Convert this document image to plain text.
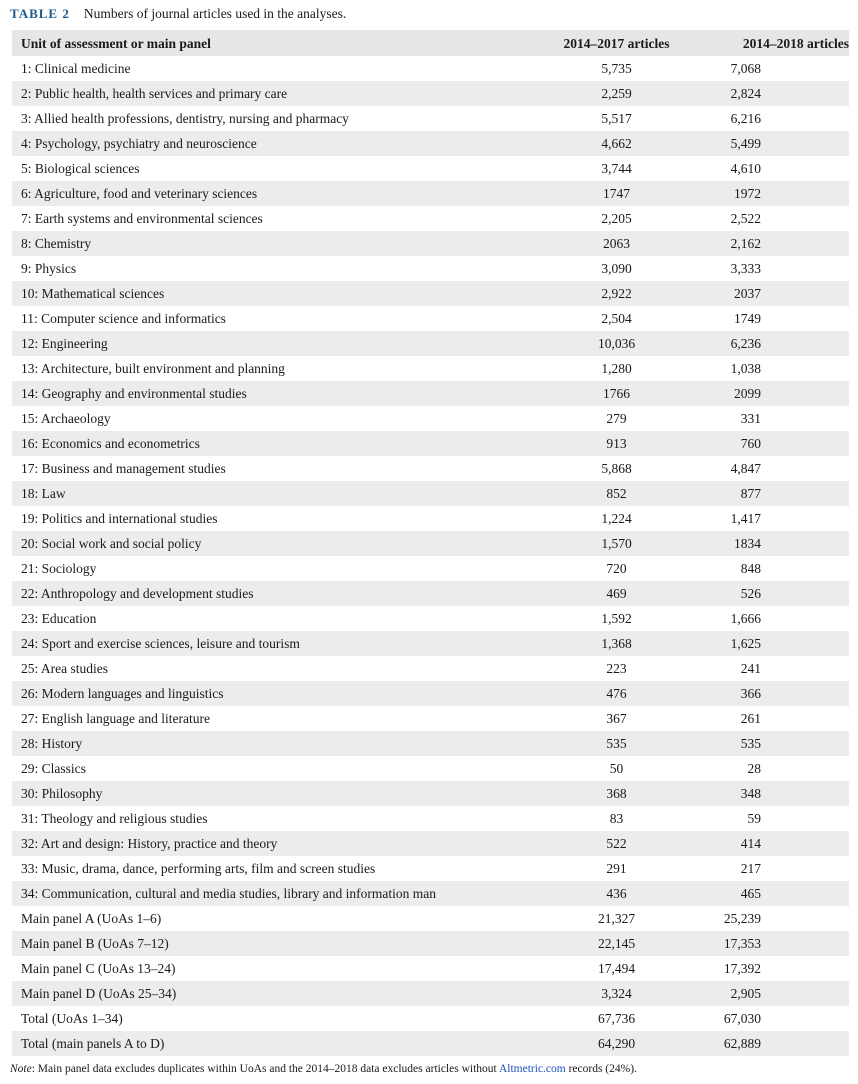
TABLE 2 Numbers of journal articles used in the analyses.
Unit of assessment or main panel	2014–2017 articles	2014–2018 articles
1: Clinical medicine	5,735	7,068
2: Public health, health services and primary care	2,259	2,824
3: Allied health professions, dentistry, nursing and pharmacy	5,517	6,216
4: Psychology, psychiatry and neuroscience	4,662	5,499
5: Biological sciences	3,744	4,610
6: Agriculture, food and veterinary sciences	1747	1972
7: Earth systems and environmental sciences	2,205	2,522
8: Chemistry	2063	2,162
9: Physics	3,090	3,333
10: Mathematical sciences	2,922	2037
11: Computer science and informatics	2,504	1749
12: Engineering	10,036	6,236
13: Architecture, built environment and planning	1,280	1,038
14: Geography and environmental studies	1766	2099
15: Archaeology	279	331
16: Economics and econometrics	913	760
17: Business and management studies	5,868	4,847
18: Law	852	877
19: Politics and international studies	1,224	1,417
20: Social work and social policy	1,570	1834
21: Sociology	720	848
22: Anthropology and development studies	469	526
23: Education	1,592	1,666
24: Sport and exercise sciences, leisure and tourism	1,368	1,625
25: Area studies	223	241
26: Modern languages and linguistics	476	366
27: English language and literature	367	261
28: History	535	535
29: Classics	50	28
30: Philosophy	368	348
31: Theology and religious studies	83	59
32: Art and design: History, practice and theory	522	414
33: Music, drama, dance, performing arts, film and screen studies	291	217
34: Communication, cultural and media studies, library and information man	436	465
Main panel A (UoAs 1–6)	21,327	25,239
Main panel B (UoAs 7–12)	22,145	17,353
Main panel C (UoAs 13–24)	17,494	17,392
Main panel D (UoAs 25–34)	3,324	2,905
Total (UoAs 1–34)	67,736	67,030
Total (main panels A to D)	64,290	62,889
Note: Main panel data excludes duplicates within UoAs and the 2014–2018 data excludes articles without Altmetric.com records (24%).
